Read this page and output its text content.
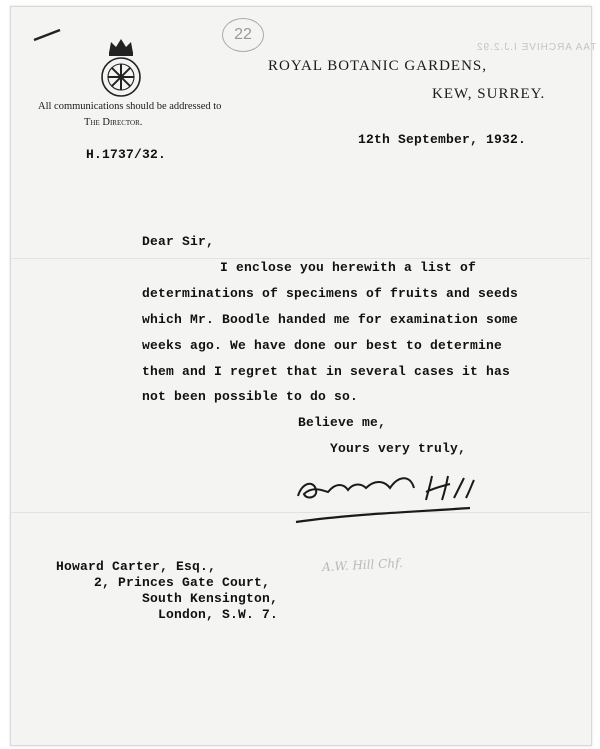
22
TAA ARCHIVE I.J.2.92
ROYAL BOTANIC GARDENS,
KEW, SURREY.
All communications should be addressed to
The Director.
12th September, 1932.
H.1737/32.
Dear Sir,
I enclose you herewith a list of
determinations of specimens of fruits and seeds
which Mr. Boodle handed me for examination some
weeks ago. We have done our best to determine
them and I regret that in several cases it has
not been possible to do so.
Believe me,
Yours very truly,
A.W. Hill Chf.
Howard Carter, Esq.,
2, Princes Gate Court,
South Kensington,
London, S.W. 7.
